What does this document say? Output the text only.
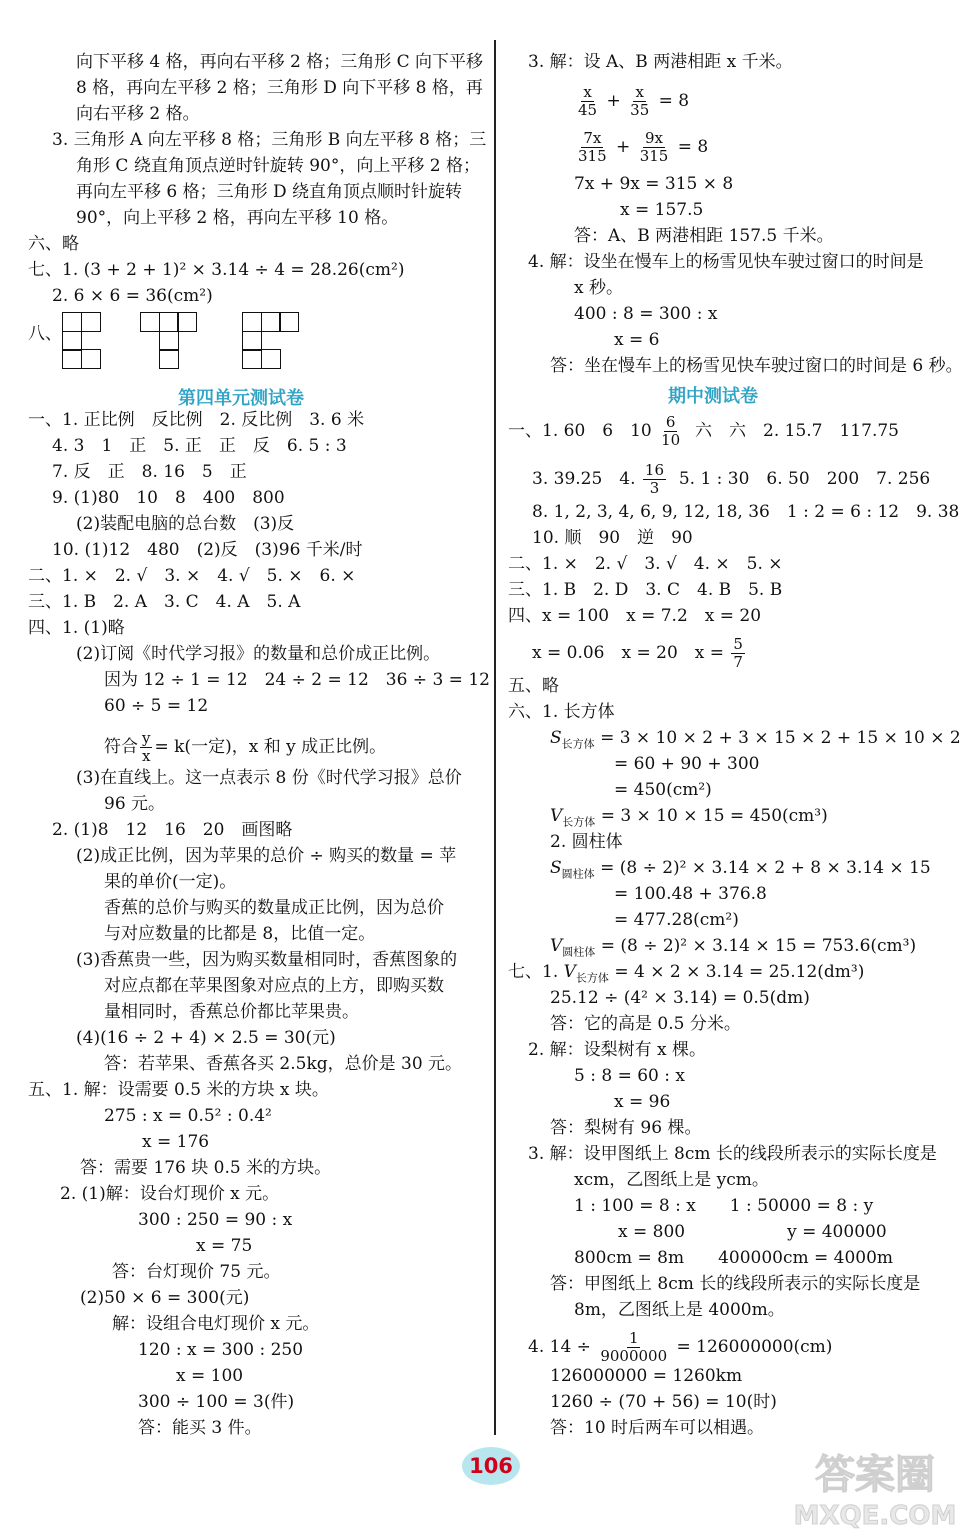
向下平移 4 格，再向右平移 2 格；三角形 C 向下平移
8 格，再向左平移 2 格；三角形 D 向下平移 8 格，再
向右平移 2 格。
3. 三角形 A 向左平移 8 格；三角形 B 向左平移 8 格；三
角形 C 绕直角顶点逆时针旋转 90°，向上平移 2 格；
再向左平移 6 格；三角形 D 绕直角顶点顺时针旋转
90°，向上平移 2 格，再向左平移 10 格。
六、略
七、1. (3 + 2 + 1)² × 3.14 ÷ 4 = 28.26(cm²)
2. 6 × 6 = 36(cm²)
八、
第四单元测试卷
一、1. 正比例　反比例　2. 反比例　3. 6 米
4. 3　1　正　5. 正　正　反　6. 5 : 3
7. 反　正　8. 16　5　正
9. (1)80　10　8　400　800
(2)装配电脑的总台数　(3)反
10. (1)12　480　(2)反　(3)96 千米/时
二、1. ×　2. √　3. ×　4. √　5. ×　6. ×
三、1. B　2. A　3. C　4. A　5. A
四、1. (1)略
(2)订阅《时代学习报》的数量和总价成正比例。
因为 12 ÷ 1 = 12　24 ÷ 2 = 12　36 ÷ 3 = 12
60 ÷ 5 = 12
符合 $\frac{y}{x} = k$(一定)，x 和 y 成正比例。
(3)在直线上。这一点表示 8 份《时代学习报》总价
96 元。
2. (1)8　12　16　20　画图略
(2)成正比例，因为苹果的总价 ÷ 购买的数量 = 苹
果的单价(一定)。
香蕉的总价与购买的数量成正比例，因为总价
与对应数量的比都是 8，比值一定。
(3)香蕉贵一些，因为购买数量相同时，香蕉图象的
对应点都在苹果图象对应点的上方，即购买数
量相同时，香蕉总价都比苹果贵。
(4)(16 ÷ 2 + 4) × 2.5 = 30(元)
答：若苹果、香蕉各买 2.5kg，总价是 30 元。
五、1. 解：设需要 0.5 米的方块 x 块。
275 : x = 0.5² : 0.4²
x = 176
答：需要 176 块 0.5 米的方块。
2. (1)解：设台灯现价 x 元。
300 : 250 = 90 : x
x = 75
答：台灯现价 75 元。
(2)50 × 6 = 300(元)
解：设组合电灯现价 x 元。
120 : x = 300 : 250
x = 100
300 ÷ 100 = 3(件)
答：能买 3 件。
3. 解：设 A、B 两港相距 x 千米。
$\frac{x}{45} + \frac{x}{35} = 8$
$\frac{7x}{315} + \frac{9x}{315} = 8$
7x + 9x = 315 × 8
x = 157.5
答：A、B 两港相距 157.5 千米。
4. 解：设坐在慢车上的杨雪见快车驶过窗口的时间是
x 秒。
400 : 8 = 300 : x
x = 6
答：坐在慢车上的杨雪见快车驶过窗口的时间是 6 秒。
期中测试卷
一、1. 60　6　$10 \frac{6}{10}$ 六　六　2. 15.7　117.75
3. 39.25　4. $\frac{16}{3} 5$. 1 : 30　6. 50　200　7. 256
8. 1, 2, 3, 4, 6, 9, 12, 18, 36　1 : 2 = 6 : 12　9. 38
10. 顺　90　逆　90
二、1. ×　2. √　3. √　4. ×　5. ×
三、1. B　2. D　3. C　4. B　5. B
四、x = 100　x = 7.2　x = 20
x = 0.06　x = 20　$x = \frac{5}{7}$
五、略
六、1. 长方体
$S_{长方体} = 3 \times 10 \times 2 + 3 \times 15 \times 2 + 15 \times 10 \times 2$
= 60 + 90 + 300
= 450(cm²)
$V_{长方体} = 3 \times 10 \times 15 = 450(cm^3)$
2. 圆柱体
$S_{圆柱体} = (8 \div 2)^2 \times 3.14 \times 2 + 8 \times 3.14 \times 15$
= 100.48 + 376.8
= 477.28(cm²)
$V_{圆柱体} = (8 \div 2)^2 \times 3.14 \times 15 = 753.6(cm^3)$
七、1. $V_{长方体} = 4 \times 2 \times 3.14 = 25.12(dm^3)$
25.12 ÷ (4² × 3.14) = 0.5(dm)
答：它的高是 0.5 分米。
2. 解：设梨树有 x 棵。
5 : 8 = 60 : x
x = 96
答：梨树有 96 棵。
3. 解：设甲图纸上 8cm 长的线段所表示的实际长度是
xcm，乙图纸上是 ycm。
1 : 100 = 8 : x　　1 : 50000 = 8 : y
x = 800　　　　　　y = 400000
800cm = 8m　　400000cm = 4000m
答：甲图纸上 8cm 长的线段所表示的实际长度是
8m，乙图纸上是 4000m。
4. $14 \div \frac{1}{9000000} = 126000000(cm)$
126000000 = 1260km
1260 ÷ (70 + 56) = 10(时)
答：10 时后两车可以相遇。
106	答案圈
MXQE.COM
